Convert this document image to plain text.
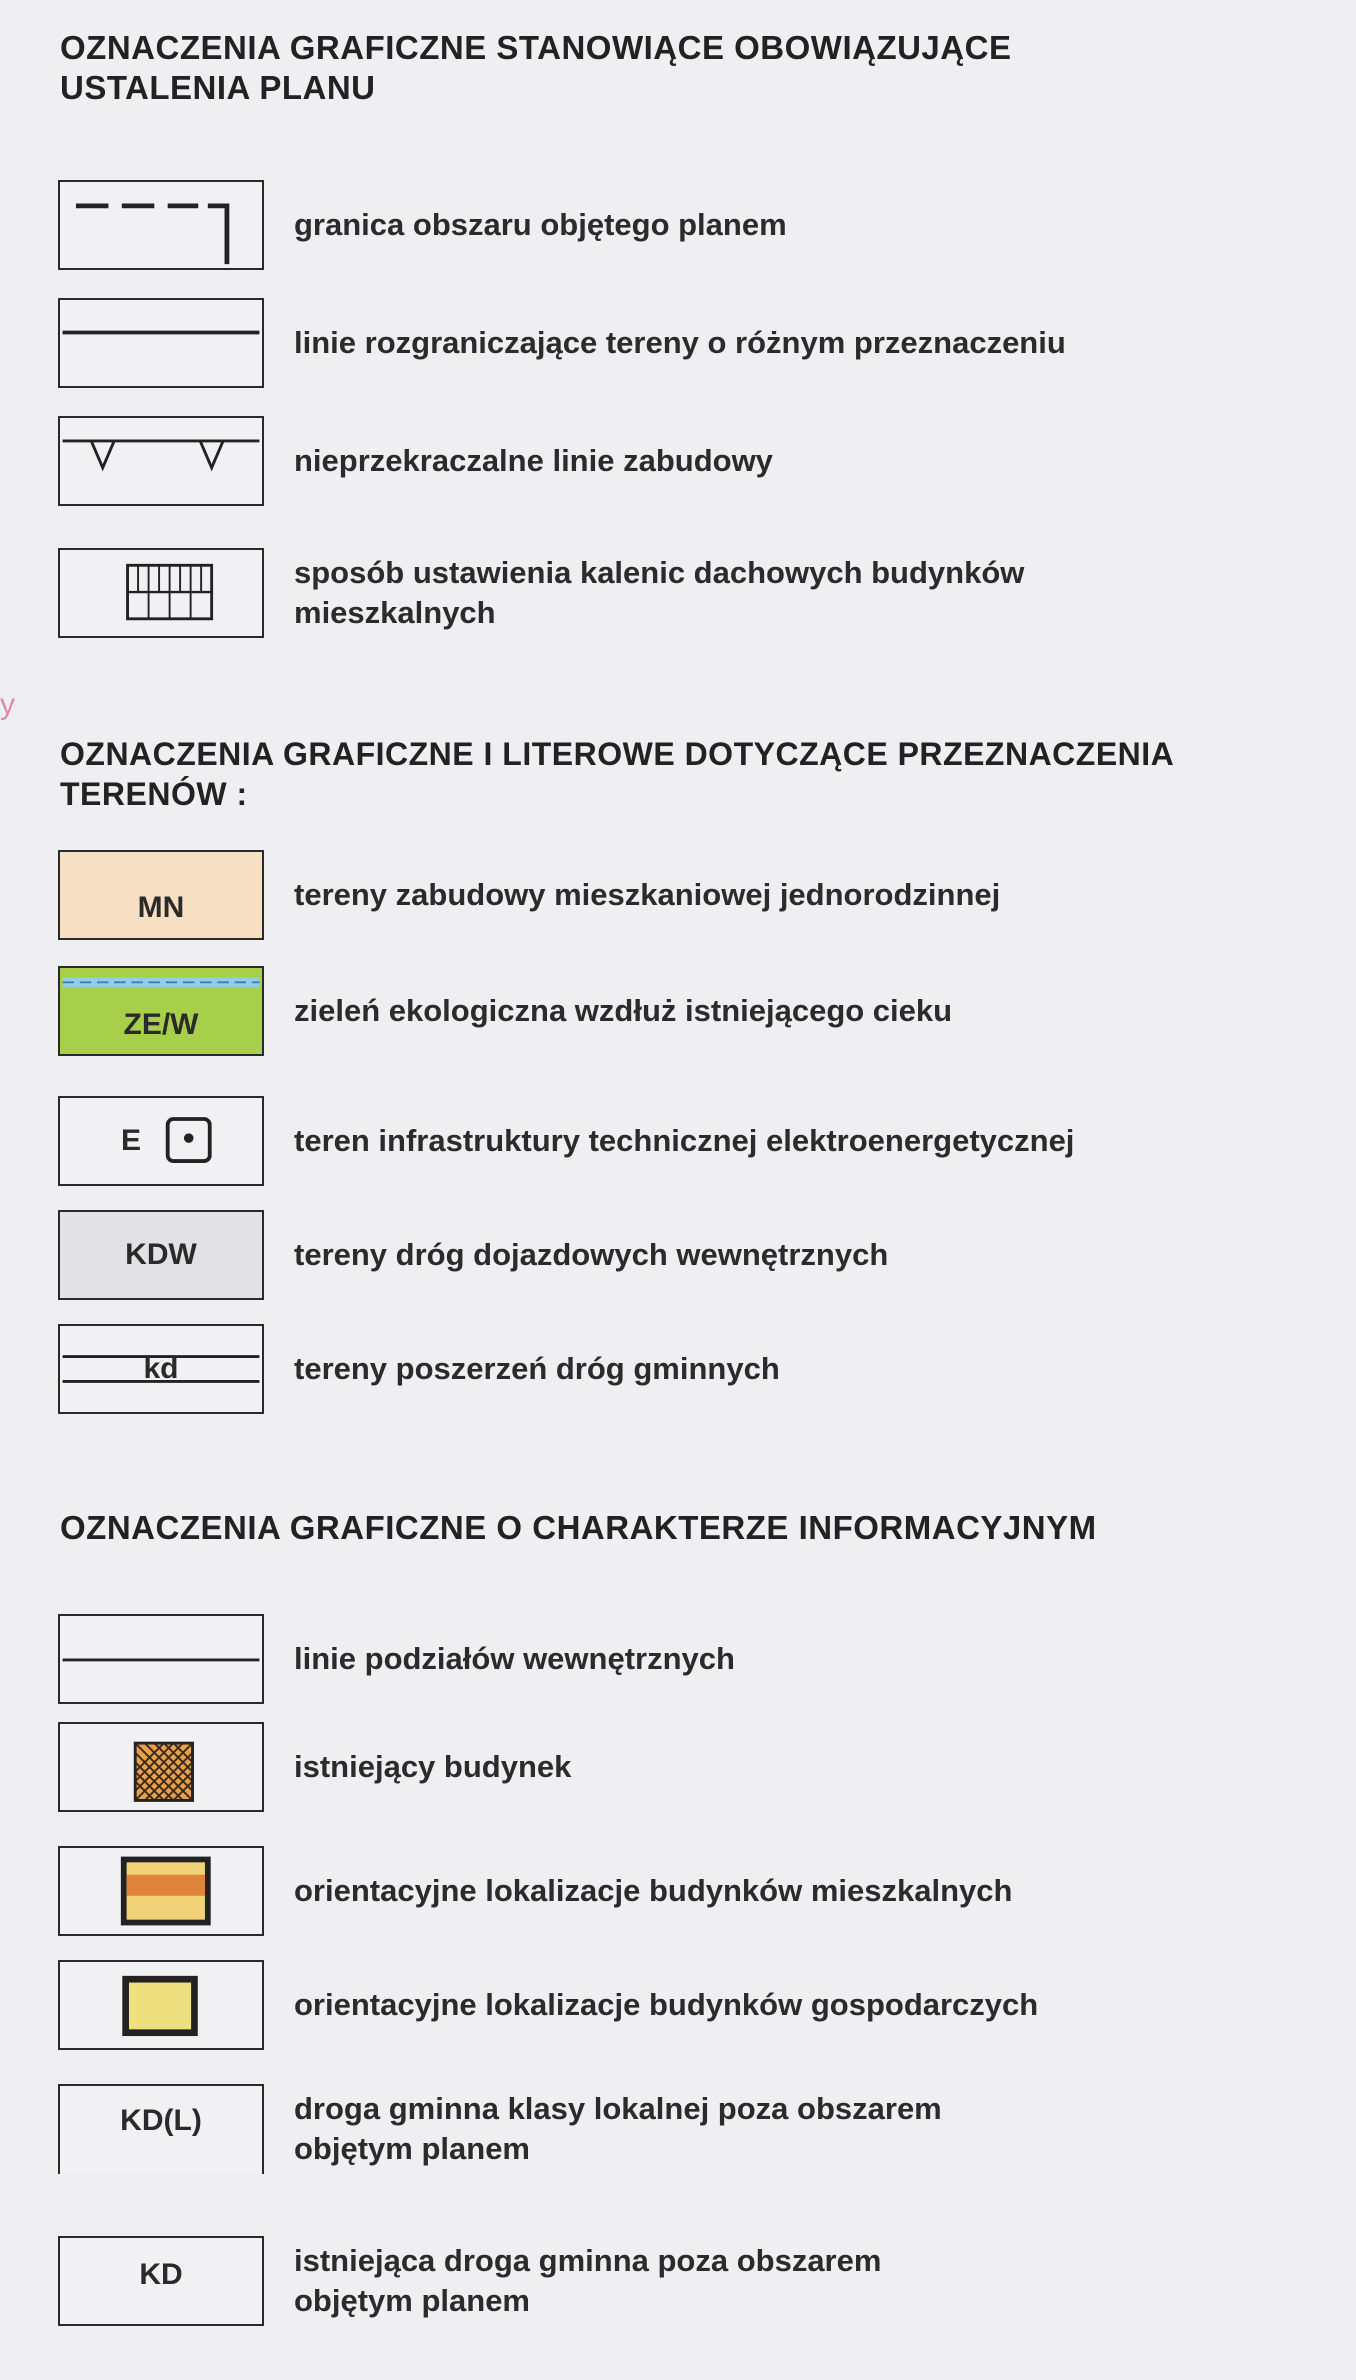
y
OZNACZENIA GRAFICZNE STANOWIĄCE OBOWIĄZUJĄCE
USTALENIA PLANU
granica obszaru objętego planem
linie rozgraniczające tereny o różnym przeznaczeniu
nieprzekraczalne linie zabudowy
sposób ustawienia kalenic dachowych budynków
mieszkalnych
OZNACZENIA GRAFICZNE I LITEROWE DOTYCZĄCE PRZEZNACZENIA
TERENÓW :
MN	tereny zabudowy mieszkaniowej jednorodzinnej
ZE/W	zieleń ekologiczna wzdłuż istniejącego cieku
E	teren infrastruktury technicznej elektroenergetycznej
KDW	tereny dróg dojazdowych wewnętrznych
kd	tereny poszerzeń dróg gminnych
OZNACZENIA GRAFICZNE O CHARAKTERZE INFORMACYJNYM
linie podziałów wewnętrznych
istniejący budynek
orientacyjne lokalizacje budynków mieszkalnych
orientacyjne lokalizacje budynków gospodarczych
KD(L)	droga gminna klasy lokalnej poza obszarem
objętym planem
KD	istniejąca droga gminna poza obszarem
objętym planem
